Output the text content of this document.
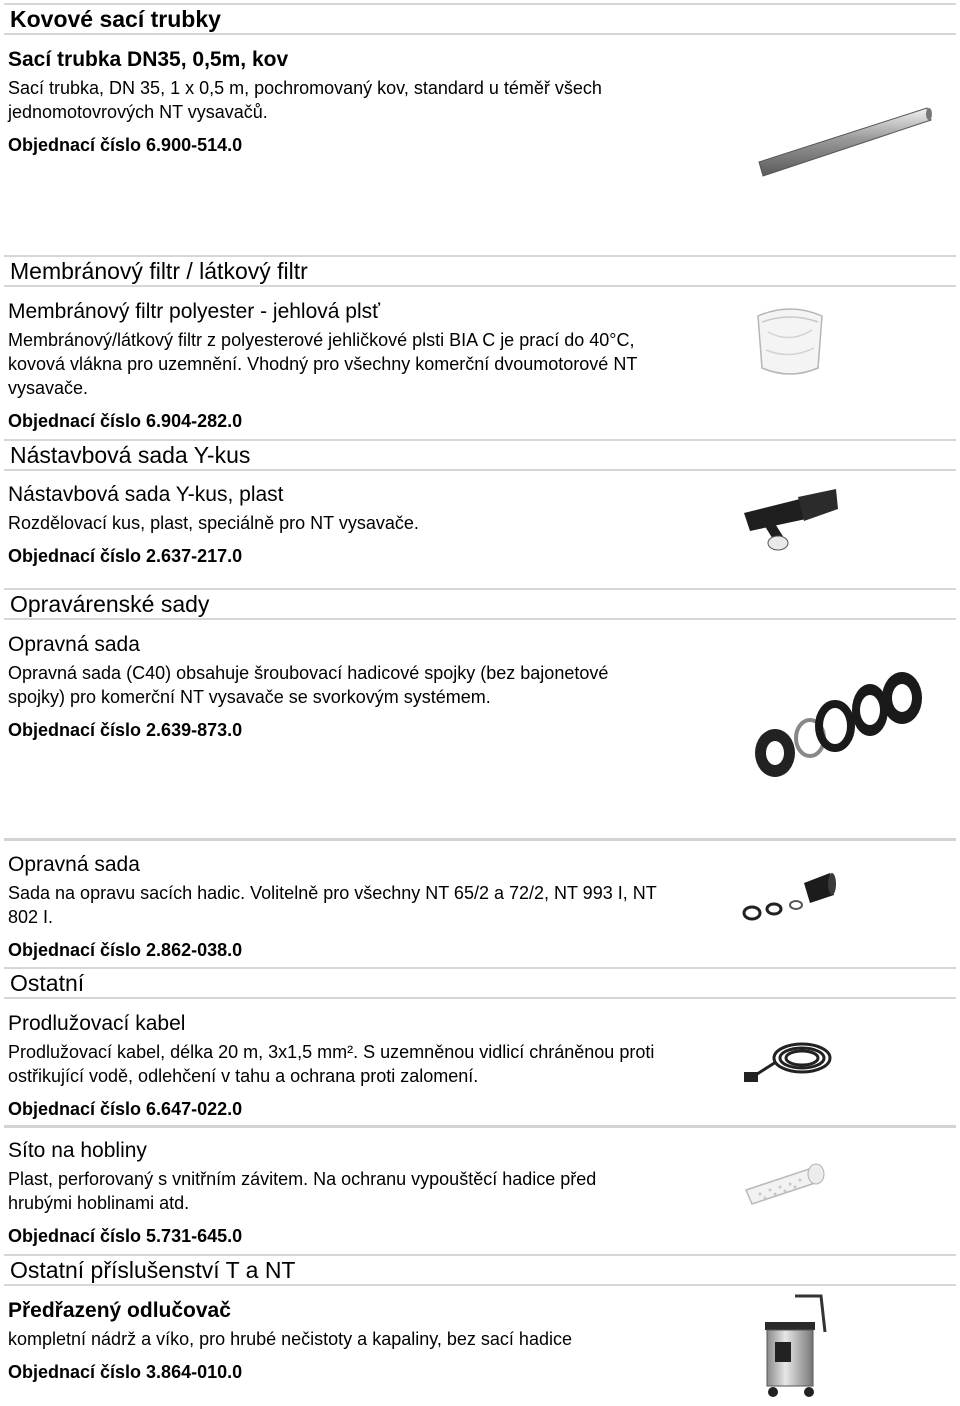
Kovové sací trubky
Sací trubka DN35, 0,5m, kov

Sací trubka, DN 35, 1 x 0,5 m, pochromovaný kov, standard u téměř všech

jednomotovrových NT vysavačů.

Objednací číslo 6.900-514.0
Membránový filtr / látkový filtr
Membránový filtr polyester - jehlová plsť

Membránový/látkový filtr z polyesterové jehličkové plsti BIA C je prací do 40°C,

kovová vlákna pro uzemnění. Vhodný pro všechny komerční dvoumotorové NT

vysavače.

Objednací číslo 6.904-282.0
Nástavbová sada Y-kus
Nástavbová sada Y-kus, plast

Rozdělovací kus, plast, speciálně pro NT vysavače.

Objednací číslo 2.637-217.0
Opravárenské sady
Opravná sada

Opravná sada (C40) obsahuje šroubovací hadicové spojky (bez bajonetové

spojky) pro komerční NT vysavače se svorkovým systémem.

Objednací číslo 2.639-873.0
Opravná sada

Sada na opravu sacích hadic. Volitelně pro všechny NT 65/2 a 72/2, NT 993 I, NT

802 I.

Objednací číslo 2.862-038.0
Ostatní
Prodlužovací kabel

Prodlužovací kabel, délka 20 m, 3x1,5 mm². S uzemněnou vidlicí chráněnou proti

ostřikující vodě, odlehčení v tahu a ochrana proti zalomení.

Objednací číslo 6.647-022.0
Síto na hobliny

Plast, perforovaný s vnitřním závitem. Na ochranu vypouštěcí hadice před

hrubými hoblinami atd.

Objednací číslo 5.731-645.0
Ostatní příslušenství T a NT
Předřazený odlučovač

kompletní nádrž a víko, pro hrubé nečistoty a kapaliny, bez sací hadice

Objednací číslo 3.864-010.0
